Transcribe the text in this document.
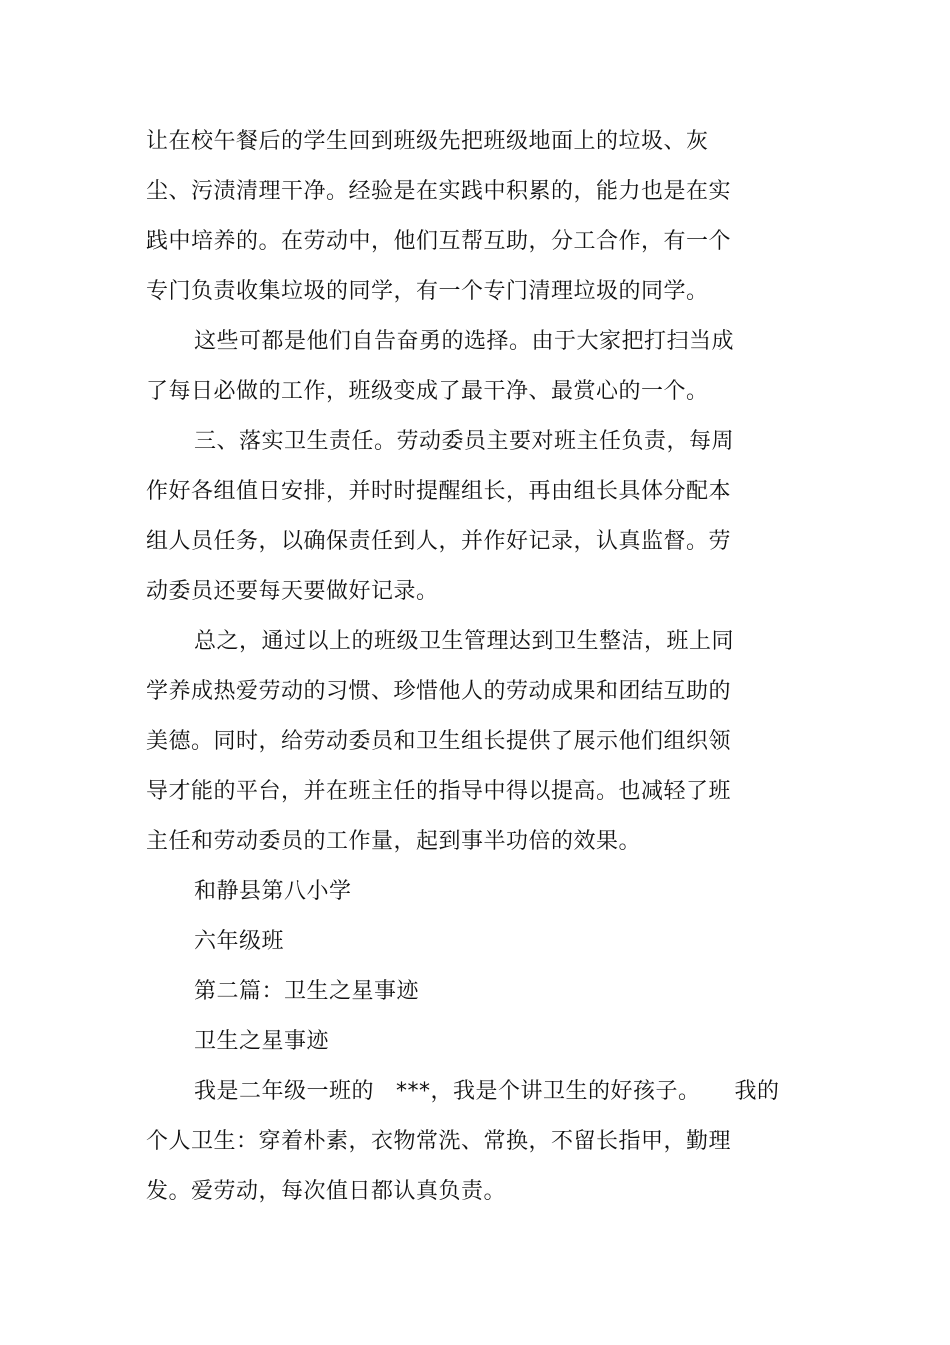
让在校午餐后的学生回到班级先把班级地面上的垃圾、灰
尘、污渍清理干净。经验是在实践中积累的，能力也是在实
践中培养的。在劳动中，他们互帮互助，分工合作，有一个
专门负责收集垃圾的同学，有一个专门清理垃圾的同学。
这些可都是他们自告奋勇的选择。由于大家把打扫当成
了每日必做的工作，班级变成了最干净、最赏心的一个。
三、落实卫生责任。劳动委员主要对班主任负责，每周
作好各组值日安排，并时时提醒组长，再由组长具体分配本
组人员任务，以确保责任到人，并作好记录，认真监督。劳
动委员还要每天要做好记录。
总之，通过以上的班级卫生管理达到卫生整洁，班上同
学养成热爱劳动的习惯、珍惜他人的劳动成果和团结互助的
美德。同时，给劳动委员和卫生组长提供了展示他们组织领
导才能的平台，并在班主任的指导中得以提高。也减轻了班
主任和劳动委员的工作量，起到事半功倍的效果。
和静县第八小学
六年级班
第二篇：卫生之星事迹
卫生之星事迹
我是二年级一班的 ***，我是个讲卫生的好孩子。 我的
个人卫生：穿着朴素，衣物常洗、常换，不留长指甲，勤理
发。爱劳动，每次值日都认真负责。
